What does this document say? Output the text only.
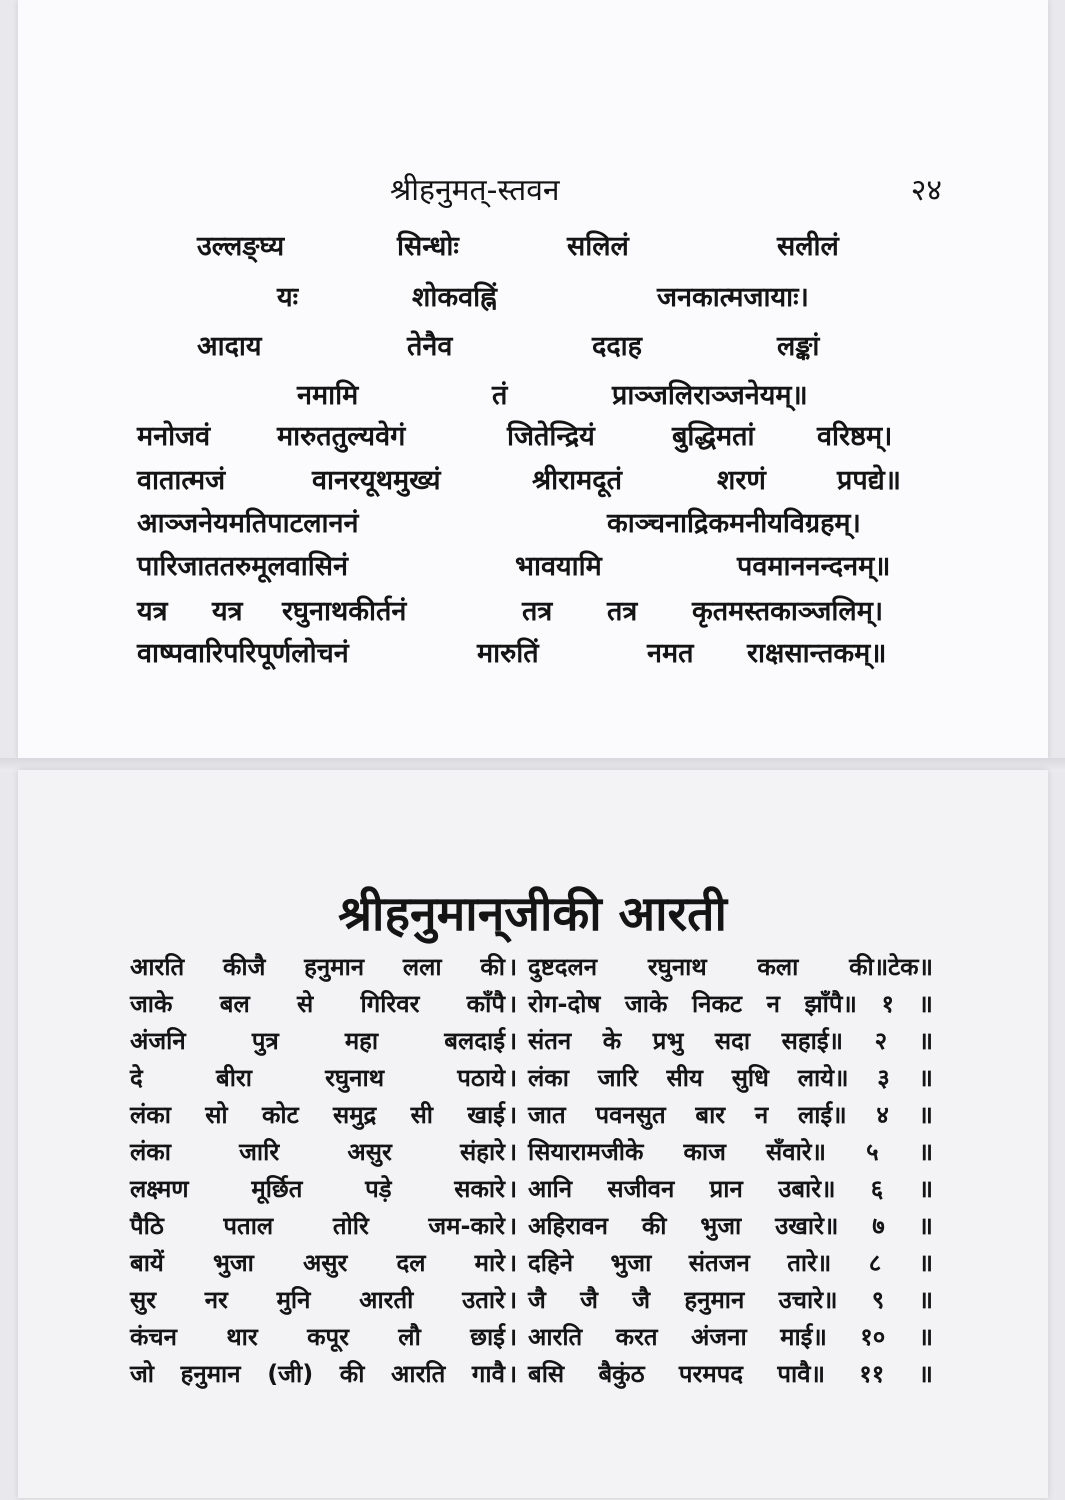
श्रीहनुमत्-स्तवन	२४
उल्लङ्घ्य	सिन्धोः	सलिलं	सलीलं
यः	शोकवह्निं	जनकात्मजायाः।
आदाय	तेनैव	ददाह	लङ्कां
नमामि	तं	प्राञ्जलिराञ्जनेयम्॥
मनोजवं मारुततुल्यवेगं	जितेन्द्रियं	बुद्धिमतां वरिष्ठम्।
वातात्मजं	वानरयूथमुख्यं	श्रीरामदूतं	शरणं	प्रपद्ये॥
आञ्जनेयमतिपाटलाननं	काञ्चनाद्रिकमनीयविग्रहम्।
पारिजाततरुमूलवासिनं	भावयामि	पवमाननन्दनम्॥
यत्र यत्र रघुनाथकीर्तनं	तत्र तत्र कृतमस्तकाञ्जलिम्।
वाष्पवारिपरिपूर्णलोचनं	मारुतिं	नमत राक्षसान्तकम्॥
श्रीहनुमान्‌जीकी आरती
आरति कीजै हनुमान लला की । दुष्टदलन रघुनाथ कला की॥टेक॥
जाके बल से गिरिवर काँपै । रोग-दोष जाके निकट न झाँपै॥ १ ॥
अंजनि	पुत्र	महा	बलदाई । संतन के प्रभु सदा सहाई॥ २ ॥
दे	बीरा	रघुनाथ	पठाये । लंका जारि सीय सुधि लाये॥ ३ ॥
लंका सो कोट समुद्र सी खाई । जात पवनसुत बार न लाई॥ ४ ॥
लंका	जारि	असुर	संहारे । सियारामजीके काज सँवारे॥ ५ ॥
लक्ष्मण	मूर्छित	पड़े	सकारे । आनि सजीवन प्रान उबारे॥ ६ ॥
पैठि पताल तोरि जम-कारे । अहिरावन की भुजा उखारे॥ ७ ॥
बायें भुजा असुर दल मारे । दहिने भुजा संतजन तारे॥ ८ ॥
सुर नर मुनि आरती उतारे । जै जै जै हनुमान उचारे॥ ९ ॥
कंचन थार कपूर लौ छाई । आरति करत अंजना माई॥ १० ॥
जो हनुमान (जी) की आरति गावै । बसि बैकुंठ परमपद पावै॥ ११ ॥
